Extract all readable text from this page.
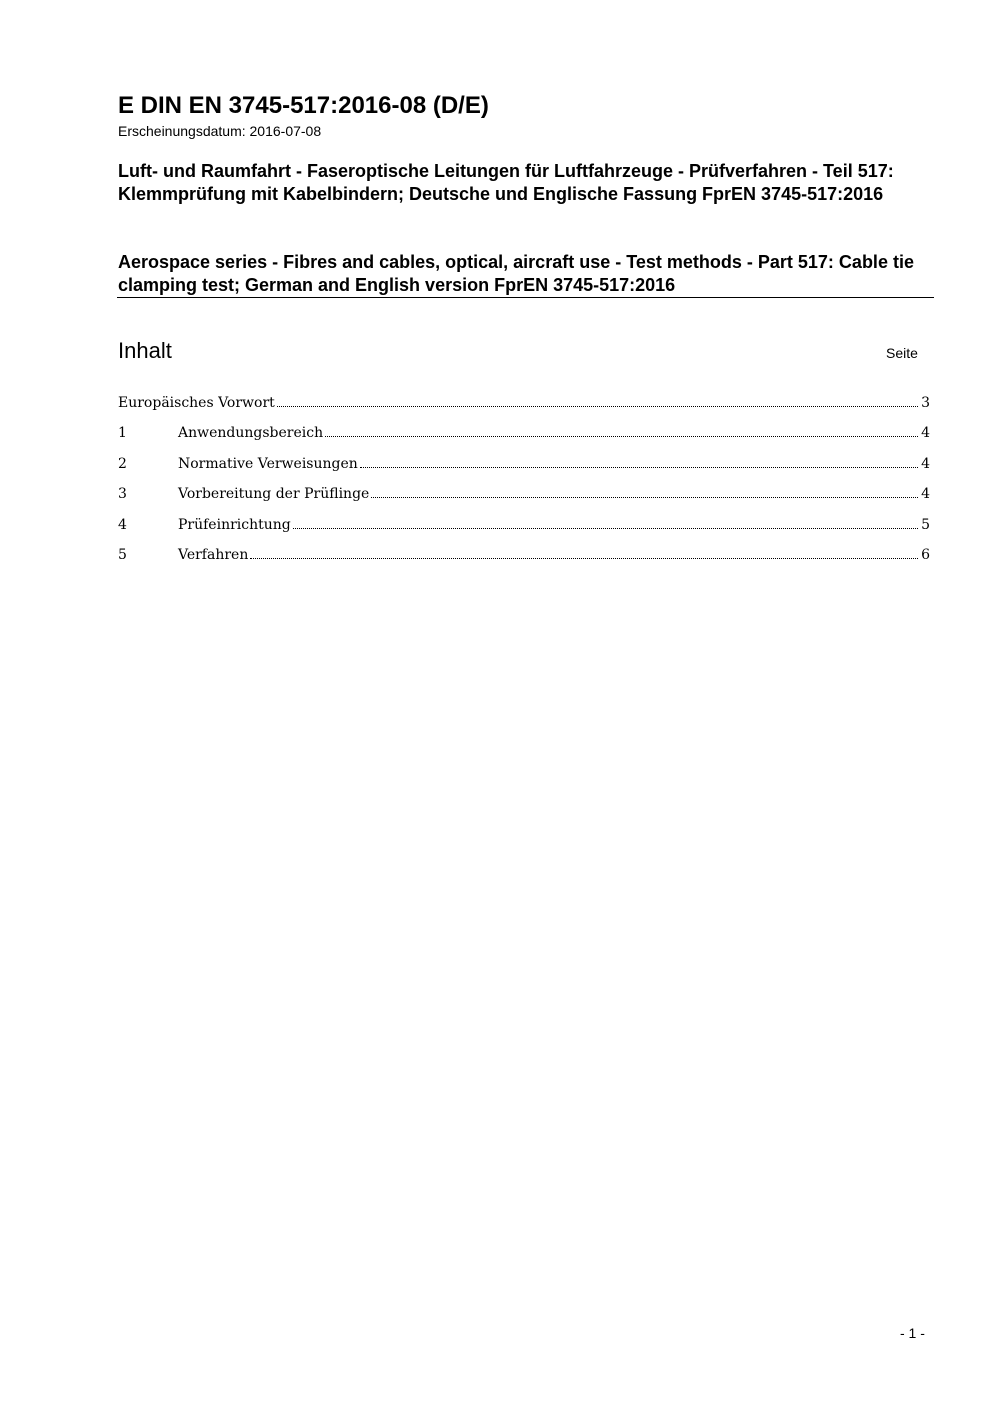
E DIN EN 3745-517:2016-08 (D/E)
Erscheinungsdatum: 2016-07-08
Luft- und Raumfahrt - Faseroptische Leitungen für Luftfahrzeuge - Prüfverfahren - Teil 517: Klemmprüfung mit Kabelbindern; Deutsche und Englische Fassung FprEN 3745-517:2016
Aerospace series - Fibres and cables, optical, aircraft use - Test methods - Part 517: Cable tie clamping test; German and English version FprEN 3745-517:2016
Inhalt	Seite
Europäisches Vorwort	3
1	Anwendungsbereich	4
2	Normative Verweisungen	4
3	Vorbereitung der Prüflinge	4
4	Prüfeinrichtung	5
5	Verfahren	6
- 1 -
